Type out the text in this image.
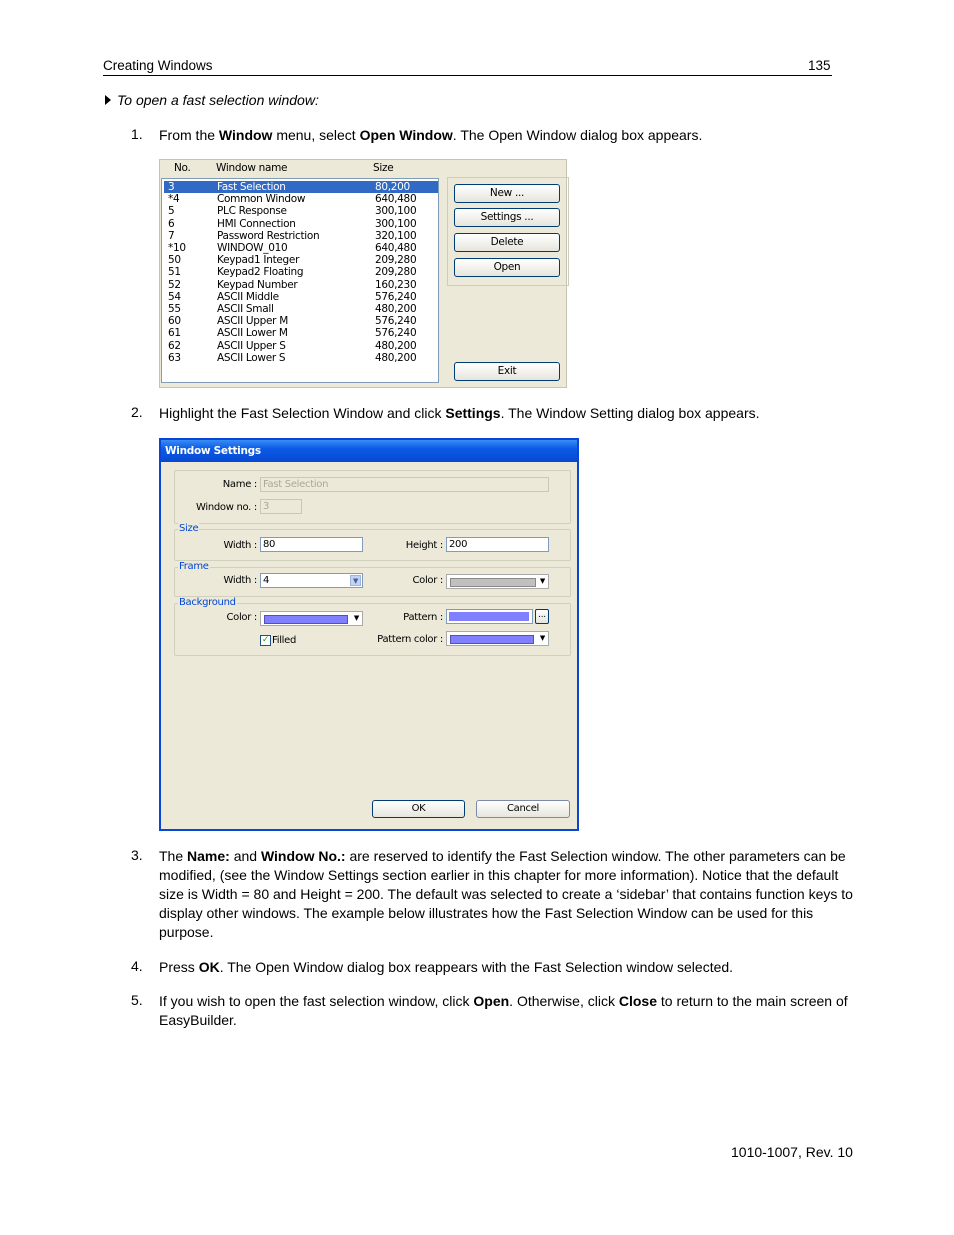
Creating Windows	135
To open a fast selection window:
1.	From the Window menu, select Open Window. The Open Window dialog box appears.
No. Window name	Size
3	Fast Selection	80,200
*4	Common Window	640,480
5	PLC Response	300,100
6	HMI Connection	300,100
7	Password Restriction	320,100
*10	WINDOW_010	640,480
50	Keypad1 Integer	209,280
51	Keypad2 Floating	209,280
52	Keypad Number	160,230
54	ASCII Middle	576,240
55	ASCII Small	480,200
60	ASCII Upper M	576,240
61	ASCII Lower M	576,240
62	ASCII Upper S	480,200
63	ASCII Lower S	480,200
New ...
Settings ...
Delete
Open
Exit
2.	Highlight the Fast Selection Window and click Settings. The Window Setting dialog box appears.
Window Settings
Name : Fast Selection
Window no. : 3
Size
Width : 80	Height : 200
Frame
Width : 4	▼	Color :	▼
Background
Color :	▼	Pattern :	...
Pattern color :	▼
✓ Filled
OK	Cancel
3.	The Name: and Window No.: are reserved to identify the Fast Selection window. The other parameters can be modified, (see the Window Settings section earlier in this chapter for more information). Notice that the default size is Width = 80 and Height = 200. The default was selected to create a ‘sidebar’ that contains function keys to display other windows. The example below illustrates how the Fast Selection Window can be used for this purpose.
4.	Press OK. The Open Window dialog box reappears with the Fast Selection window selected.
5.	If you wish to open the fast selection window, click Open. Otherwise, click Close to return to the main screen of EasyBuilder.
1010-1007, Rev. 10
